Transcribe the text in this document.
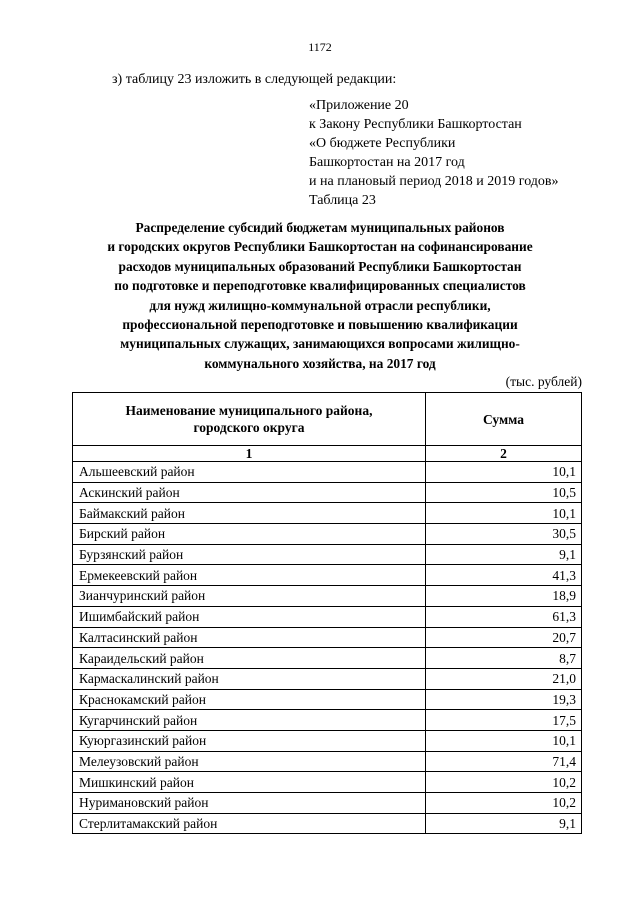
1172
з) таблицу 23 изложить в следующей редакции:
«Приложение 20
к Закону Республики Башкортостан
«О бюджете Республики
Башкортостан на 2017 год
и на плановый период 2018 и 2019 годов»
Таблица 23
Распределение субсидий бюджетам муниципальных районов
и городских округов Республики Башкортостан на софинансирование
расходов муниципальных образований Республики Башкортостан
по подготовке и переподготовке квалифицированных специалистов
для нужд жилищно-коммунальной отрасли республики,
профессиональной переподготовке и повышению квалификации
муниципальных служащих, занимающихся вопросами жилищно-
коммунального хозяйства, на 2017 год
(тыс. рублей)
Наименование муниципального района,
городского округа	Сумма
1	2
Альшеевский район	10,1
Аскинский район	10,5
Баймакский район	10,1
Бирский район	30,5
Бурзянский район	9,1
Ермекеевский район	41,3
Зианчуринский район	18,9
Ишимбайский район	61,3
Калтасинский район	20,7
Караидельский район	8,7
Кармаскалинский район	21,0
Краснокамский район	19,3
Кугарчинский район	17,5
Куюргазинский район	10,1
Мелеузовский район	71,4
Мишкинский район	10,2
Нуримановский район	10,2
Стерлитамакский район	9,1
